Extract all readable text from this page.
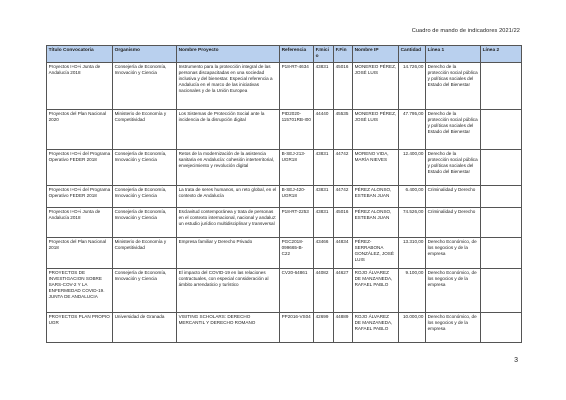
Cuadro de mando de indicadores 2021/22
Título Convocatoria	Organismo	Nombre Proyecto	Referencia	F.Inicio	F.Fin	Nombre IP	Cantidad	Línea 1	Línea 2
Proyectos I+D+i Junta de Andalucía 2018	Consejería de Economía, Innovación y Ciencia	Instrumento para la protección integral de las personas discapacitadas en una sociedad inclusiva y del bienestar. Especial referencia a Andalucía en el marco de las iniciativas nacionales y de la Unión Europea	P18-RT-4634	43831	45016	MONEREO PÉREZ, JOSÉ LUIS	14.726,00	Derecho de la protección social pública y políticas sociales del Estado del Bienestar	
Proyectos del Plan Nacional 2020	Ministerio de Economía y Competitividad	Los Sistemas de Protección Social ante la incidencia de la disrupción digital	PID2020-115701RB-I00	44440	45535	MONEREO PÉREZ, JOSÉ LUIS	47.795,00	Derecho de la protección social pública y políticas sociales del Estado del Bienestar	
Proyectos I+D+i del Programa Operativo FEDER 2018	Consejería de Economía, Innovación y Ciencia	Retos de la modernización de la asistencia sanitaria en Andalucía: cohesión interterritorial, envejecimiento y revolución digital	B-SEJ-213-UGR18	43831	44742	MORENO VIDA, MARÍA NIEVES	12.400,00	Derecho de la protección social pública y políticas sociales del Estado del Bienestar	
Proyectos I+D+i del Programa Operativo FEDER 2018	Consejería de Economía, Innovación y Ciencia	La trata de seres humanos, un reto global, en el contexto de Andalucía	B-SEJ-420-UGR18	43831	44742	PÉREZ ALONSO, ESTEBAN JUAN	6.400,00	Criminalidad y Derecho	
Proyectos I+D+i Junta de Andalucía 2018	Consejería de Economía, Innovación y Ciencia	Esclavitud contemporánea y trata de personas en el contexto internacional, nacional y andaluz: un estudio jurídico multidisciplinar y transversal	P18-RT-2253	43831	45016	PÉREZ ALONSO, ESTEBAN JUAN	74.526,00	Criminalidad y Derecho	
Proyectos del Plan Nacional 2018	Ministerio de Economía y Competitividad	Empresa familiar y Derecho Privado	PGC2018-099665-B-C22	43466	44834	PÉREZ-SERRABONA GONZÁLEZ, JOSÉ LUIS	13.310,00	Derecho Económico, de los negocios y de la empresa	
PROYECTOS DE INVESTIGACION SOBRE SARS-COV-2 Y LA ENFERMEDAD COVID-19. JUNTA DE ANDALUCIA	Consejería de Economía, Innovación y Ciencia	El impacto del COVID-19 en las relaciones contractuales, con especial consideración al ámbito arrendaticio y turístico	CV20-64861	44082	44627	ROJO ÁLVAREZ DE MANZANEDA, RAFAEL PABLO	9.100,00	Derecho Económico, de los negocios y de la empresa	
PROYECTOS PLAN PROPIO UGR	Universidad de Granada	VISITING SCHOLARS: DERECHO MERCANTIL Y DERECHO ROMANO	PP2016-VS04	42699	44889	ROJO ÁLVAREZ DE MANZANEDA, RAFAEL PABLO	10.000,00	Derecho Económico, de los negocios y de la empresa	
3
